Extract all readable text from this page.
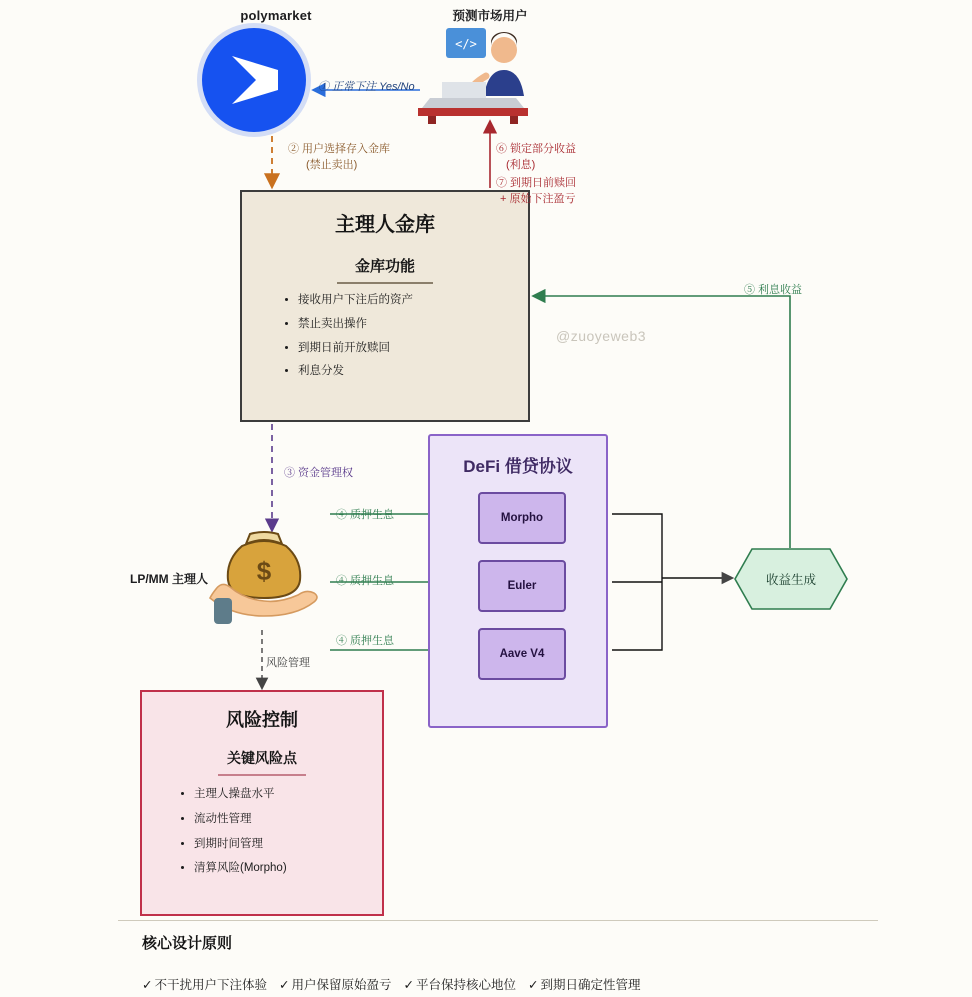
polymarket	预测市场用户
</>
主理人金库
金库功能
• 接收用户下注后的资产
• 禁止卖出操作
• 到期日前开放赎回
• 利息分发
DeFi 借贷协议
Morpho
Euler
Aave V4
收益生成
LP/MM 主理人 $
风险控制
关键风险点
• 主理人操盘水平
• 流动性管理
• 到期时间管理
• 清算风险(Morpho)
① 正常下注 Yes/No
② 用户选择存入金库
(禁止卖出)
⑥ 锁定部分收益
(利息)
⑦ 到期日前赎回
+ 原始下注盈亏
③ 资金管理权
④ 质押生息
④ 质押生息
④ 质押生息
⑤ 利息收益
风险管理
@zuoyeweb3
核心设计原则
✓ 不干扰用户下注体验 ✓ 用户保留原始盈亏 ✓ 平台保持核心地位 ✓ 到期日确定性管理
